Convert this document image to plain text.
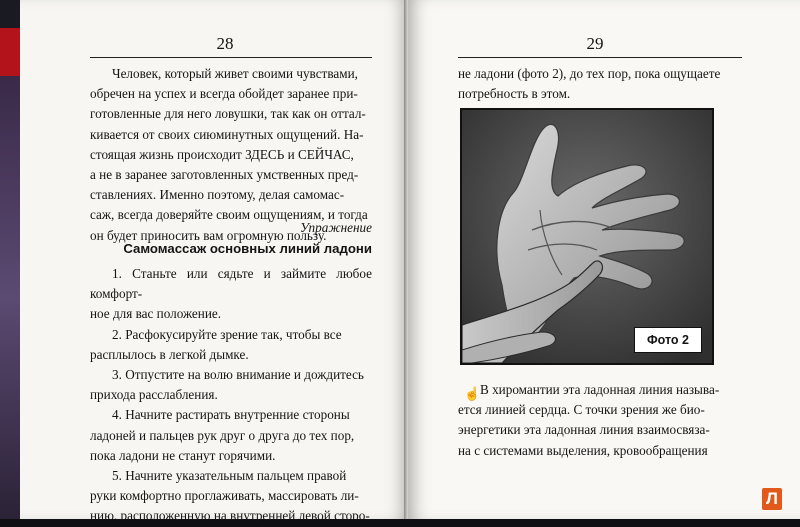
28
Человек, который живет своими чувствами,
обречен на успех и всегда обойдет заранее при-
готовленные для него ловушки, так как он оттал-
кивается от своих сиюминутных ощущений. На-
стоящая жизнь происходит ЗДЕСЬ и СЕЙЧАС,
а не в заранее заготовленных умственных пред-
ставлениях. Именно поэтому, делая самомас-
саж, всегда доверяйте своим ощущениям, и тогда
он будет приносить вам огромную пользу.
Упражнение
Самомассаж основных линий ладони
1. Станьте или сядьте и займите любое комфорт-
ное для вас положение.
2. Расфокусируйте зрение так, чтобы все
расплылось в легкой дымке.
3. Отпустите на волю внимание и дождитесь
прихода расслабления.
4. Начните растирать внутренние стороны
ладоней и пальцев рук друг о друга до тех пор,
пока ладони не станут горячими.
5. Начните указательным пальцем правой
руки комфортно проглаживать, массировать ли-
нию, расположенную на внутренней левой сторо-
29
не ладони (фото 2), до тех пор, пока ощущаете
потребность в этом.
Фото 2
☝ В хиромантии эта ладонная линия называ-
ется линией сердца. С точки зрения же био-
энергетики эта ладонная линия взаимосвяза-
на с системами выделения, кровообращения
Л
